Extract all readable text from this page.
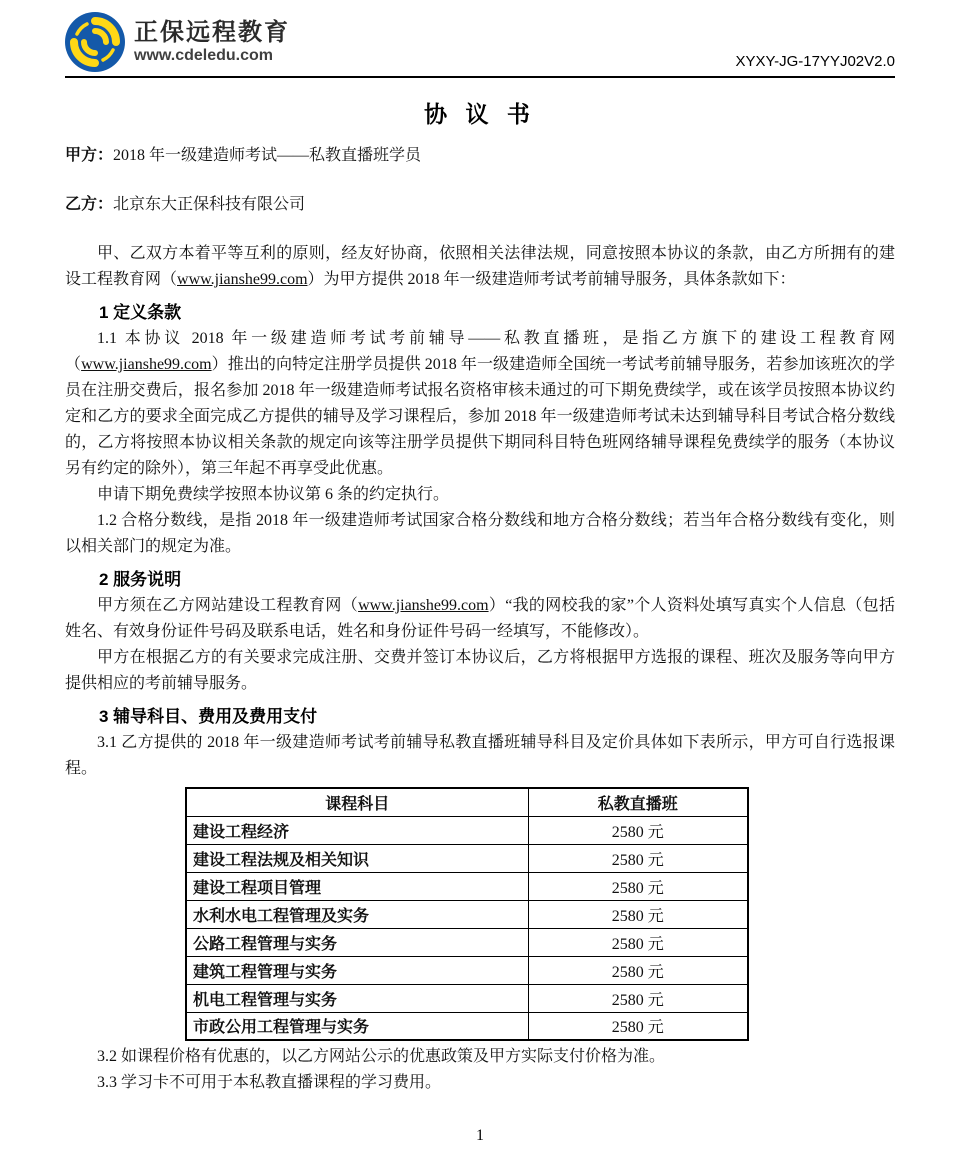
正保远程教育
www.cdeledu.com	XYXY-JG-17YYJ02V2.0
协 议 书

甲方：2018 年一级建造师考试——私教直播班学员

乙方：北京东大正保科技有限公司

甲、乙双方本着平等互利的原则，经友好协商，依照相关法律法规，同意按照本协议的条款，由乙方所拥有的建设工程教育网（www.jianshe99.com）为甲方提供 2018 年一级建造师考试考前辅导服务，具体条款如下：

1 定义条款

1.1 本协议 2018 年一级建造师考试考前辅导——私教直播班，是指乙方旗下的建设工程教育网（www.jianshe99.com）推出的向特定注册学员提供 2018 年一级建造师全国统一考试考前辅导服务，若参加该班次的学员在注册交费后，报名参加 2018 年一级建造师考试报名资格审核未通过的可下期免费续学，或在该学员按照本协议约定和乙方的要求全面完成乙方提供的辅导及学习课程后，参加 2018 年一级建造师考试未达到辅导科目考试合格分数线的，乙方将按照本协议相关条款的规定向该等注册学员提供下期同科目特色班网络辅导课程免费续学的服务（本协议另有约定的除外），第三年起不再享受此优惠。

申请下期免费续学按照本协议第 6 条的约定执行。

1.2 合格分数线，是指 2018 年一级建造师考试国家合格分数线和地方合格分数线；若当年合格分数线有变化，则以相关部门的规定为准。

2 服务说明

甲方须在乙方网站建设工程教育网（www.jianshe99.com）“我的网校我的家”个人资料处填写真实个人信息（包括姓名、有效身份证件号码及联系电话，姓名和身份证件号码一经填写，不能修改）。

甲方在根据乙方的有关要求完成注册、交费并签订本协议后，乙方将根据甲方选报的课程、班次及服务等向甲方提供相应的考前辅导服务。

3 辅导科目、费用及费用支付

3.1 乙方提供的 2018 年一级建造师考试考前辅导私教直播班辅导科目及定价具体如下表所示，甲方可自行选报课程。

课程科目	私教直播班
建设工程经济	2580 元
建设工程法规及相关知识	2580 元
建设工程项目管理	2580 元
水利水电工程管理及实务	2580 元
公路工程管理与实务	2580 元
建筑工程管理与实务	2580 元
机电工程管理与实务	2580 元
市政公用工程管理与实务	2580 元

3.2 如课程价格有优惠的，以乙方网站公示的优惠政策及甲方实际支付价格为准。

3.3 学习卡不可用于本私教直播课程的学习费用。

1
